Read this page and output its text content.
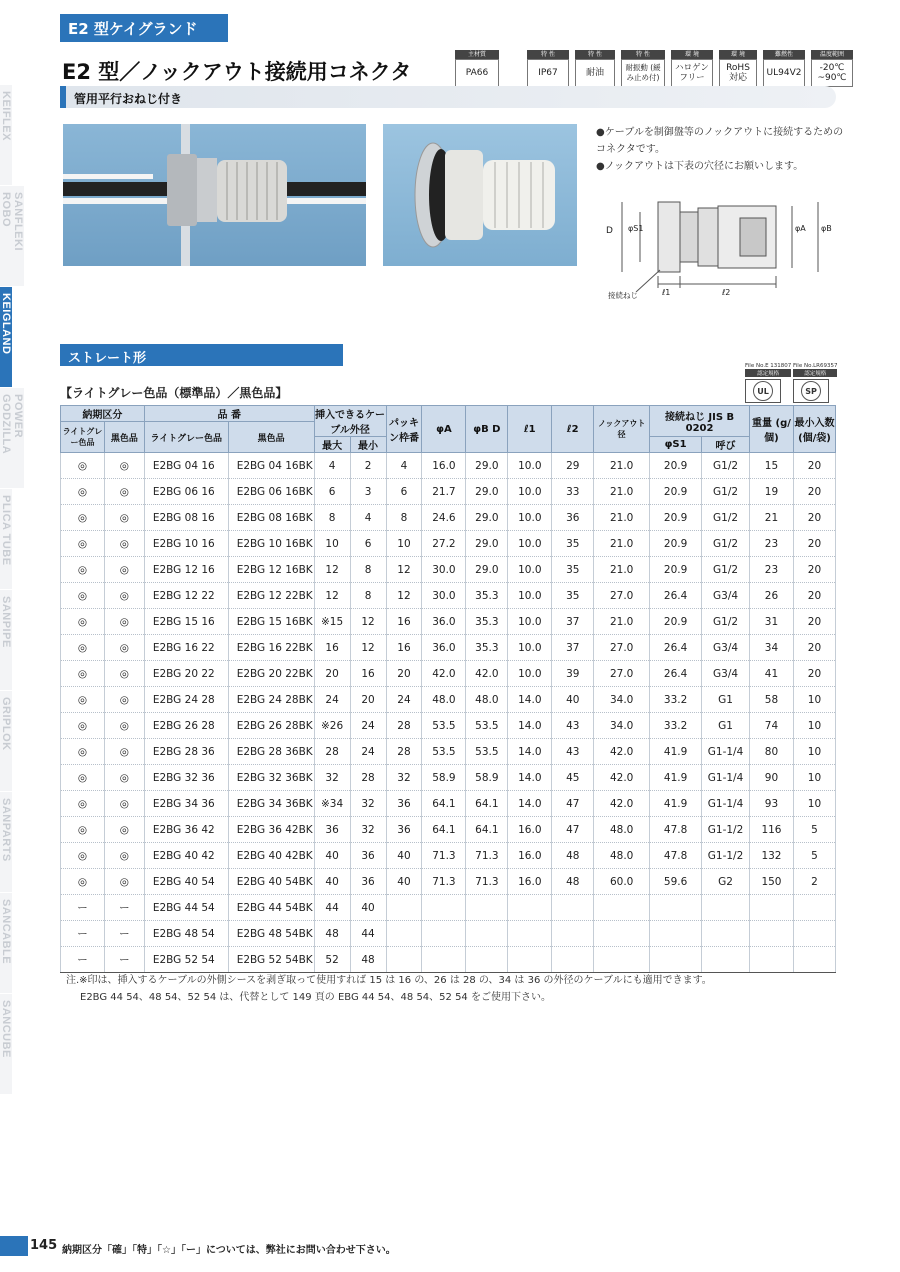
KEIFLEX
SANFLEKI ROBO
KEIGLAND
POWER GODZILLA
PLICA TUBE
SANPIPE
GRIPLOK
SANPARTS
SANCABLE
SANCUBE
E2 型ケイグランド
E2 型／ノックアウト接続用コネクタ
主材質
PA66
特 性
IP67
特 性
耐油
特 性
耐振動 (緩み止め付)
環 境
ハロゲン フリー
環 境
RoHS 対応
難燃性
UL94V2
温度範囲
-20℃ ~90℃
管用平行おねじ付き
●ケーブルを制御盤等のノックアウトに接続するためのコネクタです。
●ノックアウトは下表の穴径にお願いします。
D φS1	φA φB
ℓ1	ℓ2
接続ねじ
ストレート形	File No.E 131807
認定規格
UL
File No.LR69357
認定規格
SP
【ライトグレー色品（標準品）／黒色品】
納期区分		品 番		挿入できるケーブル外径		パッキン枠番	φA	φB D	ℓ1	ℓ2	ノックアウト径	接続ねじ JIS B 0202		重量 (g/個)	最小入数 (個/袋)
ライトグレー色品	黒色品	ライトグレー色品	黒色品												
				最大	最小							φS1	呼び		
◎	◎	E2BG 04 16	E2BG 04 16BK	4	2	4	16.0	29.0	10.0	29	21.0	20.9	G1/2	15	20
◎	◎	E2BG 06 16	E2BG 06 16BK	6	3	6	21.7	29.0	10.0	33	21.0	20.9	G1/2	19	20
◎	◎	E2BG 08 16	E2BG 08 16BK	8	4	8	24.6	29.0	10.0	36	21.0	20.9	G1/2	21	20
◎	◎	E2BG 10 16	E2BG 10 16BK	10	6	10	27.2	29.0	10.0	35	21.0	20.9	G1/2	23	20
◎	◎	E2BG 12 16	E2BG 12 16BK	12	8	12	30.0	29.0	10.0	35	21.0	20.9	G1/2	23	20
◎	◎	E2BG 12 22	E2BG 12 22BK	12	8	12	30.0	35.3	10.0	35	27.0	26.4	G3/4	26	20
◎	◎	E2BG 15 16	E2BG 15 16BK	※15	12	16	36.0	35.3	10.0	37	21.0	20.9	G1/2	31	20
◎	◎	E2BG 16 22	E2BG 16 22BK	16	12	16	36.0	35.3	10.0	37	27.0	26.4	G3/4	34	20
◎	◎	E2BG 20 22	E2BG 20 22BK	20	16	20	42.0	42.0	10.0	39	27.0	26.4	G3/4	41	20
◎	◎	E2BG 24 28	E2BG 24 28BK	24	20	24	48.0	48.0	14.0	40	34.0	33.2	G1	58	10
◎	◎	E2BG 26 28	E2BG 26 28BK	※26	24	28	53.5	53.5	14.0	43	34.0	33.2	G1	74	10
◎	◎	E2BG 28 36	E2BG 28 36BK	28	24	28	53.5	53.5	14.0	43	42.0	41.9	G1-1/4	80	10
◎	◎	E2BG 32 36	E2BG 32 36BK	32	28	32	58.9	58.9	14.0	45	42.0	41.9	G1-1/4	90	10
◎	◎	E2BG 34 36	E2BG 34 36BK	※34	32	36	64.1	64.1	14.0	47	42.0	41.9	G1-1/4	93	10
◎	◎	E2BG 36 42	E2BG 36 42BK	36	32	36	64.1	64.1	16.0	47	48.0	47.8	G1-1/2	116	5
◎	◎	E2BG 40 42	E2BG 40 42BK	40	36	40	71.3	71.3	16.0	48	48.0	47.8	G1-1/2	132	5
◎	◎	E2BG 40 54	E2BG 40 54BK	40	36	40	71.3	71.3	16.0	48	60.0	59.6	G2	150	2
ー	ー	E2BG 44 54	E2BG 44 54BK	44	40										
ー	ー	E2BG 48 54	E2BG 48 54BK	48	44										
ー	ー	E2BG 52 54	E2BG 52 54BK	52	48										
注.※印は、挿入するケーブルの外側シースを剥ぎ取って使用すれば 15 は 16 の、26 は 28 の、34 は 36 の外径のケーブルにも適用できます。
E2BG 44 54、48 54、52 54 は、代替として 149 頁の EBG 44 54、48 54、52 54 をご使用下さい。
145 納期区分「確」「特」「☆」「ー」については、弊社にお問い合わせ下さい。
